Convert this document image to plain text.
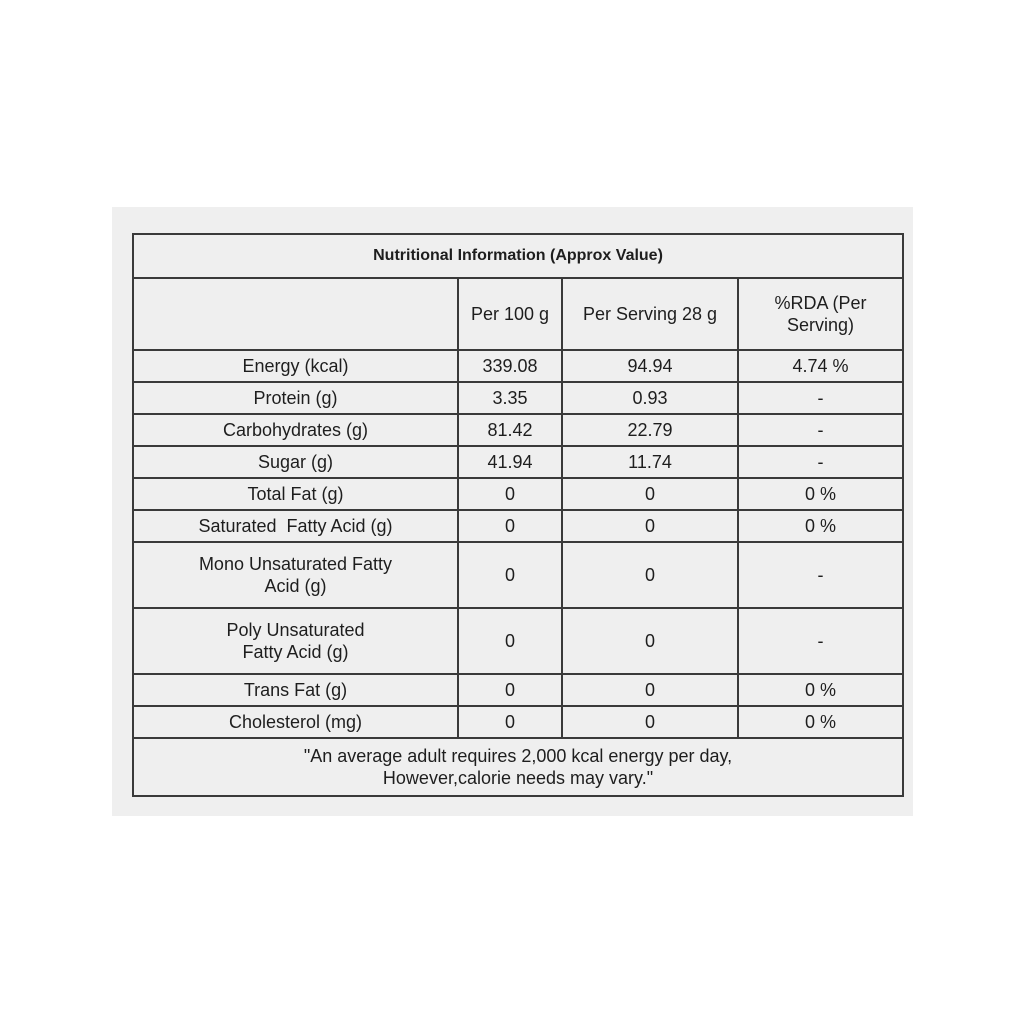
Nutritional Information (Approx Value)			
	Per 100 g	Per Serving 28 g	%RDA (Per Serving)
Energy (kcal)	339.08	94.94	4.74 %
Protein (g)	3.35	0.93	-
Carbohydrates (g)	81.42	22.79	-
Sugar (g)	41.94	11.74	-
Total Fat (g)	0	0	0 %
Saturated  Fatty Acid (g)	0	0	0 %
Mono Unsaturated Fatty Acid (g)	0	0	-
Poly Unsaturated Fatty Acid (g)	0	0	-
Trans Fat (g)	0	0	0 %
Cholesterol (mg)	0	0	0 %

"An average adult requires 2,000 kcal energy per day,
However,calorie needs may vary."			
